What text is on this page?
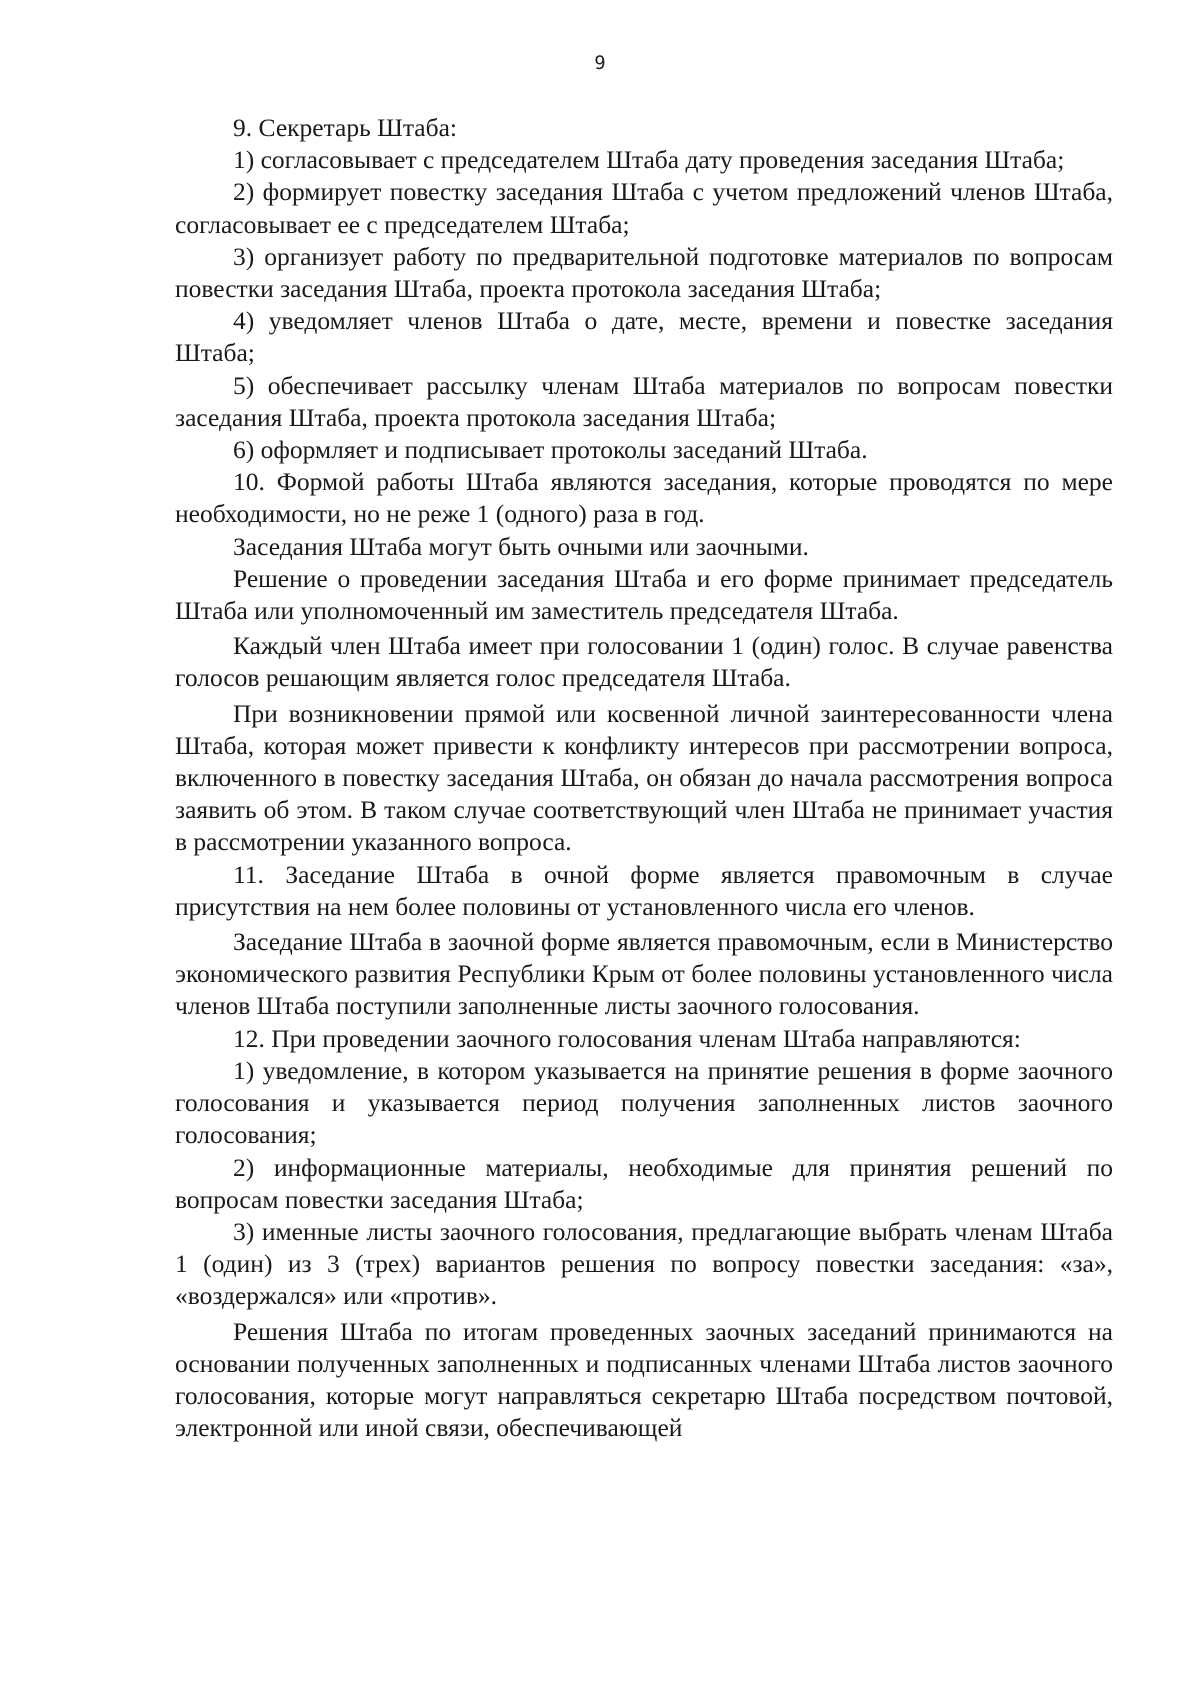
9

9. Секретарь Штаба:

1) согласовывает с председателем Штаба дату проведения заседания Штаба;

2) формирует повестку заседания Штаба с учетом предложений членов Штаба, согласовывает ее с председателем Штаба;

3) организует работу по предварительной подготовке материалов по вопросам повестки заседания Штаба, проекта протокола заседания Штаба;

4) уведомляет членов Штаба о дате, месте, времени и повестке заседания Штаба;

5) обеспечивает рассылку членам Штаба материалов по вопросам повестки заседания Штаба, проекта протокола заседания Штаба;

6) оформляет и подписывает протоколы заседаний Штаба.

10. Формой работы Штаба являются заседания, которые проводятся по мере необходимости, но не реже 1 (одного) раза в год.

Заседания Штаба могут быть очными или заочными.

Решение о проведении заседания Штаба и его форме принимает председатель Штаба или уполномоченный им заместитель председателя Штаба.

Каждый член Штаба имеет при голосовании 1 (один) голос. В случае равенства голосов решающим является голос председателя Штаба.

При возникновении прямой или косвенной личной заинтересованности члена Штаба, которая может привести к конфликту интересов при рассмотрении вопроса, включенного в повестку заседания Штаба, он обязан до начала рассмотрения вопроса заявить об этом. В таком случае соответствующий член Штаба не принимает участия в рассмотрении указанного вопроса.

11. Заседание Штаба в очной форме является правомочным в случае присутствия на нем более половины от установленного числа его членов.

Заседание Штаба в заочной форме является правомочным, если в Министерство экономического развития Республики Крым от более половины установленного числа членов Штаба поступили заполненные листы заочного голосования.

12. При проведении заочного голосования членам Штаба направляются:

1) уведомление, в котором указывается на принятие решения в форме заочного голосования и указывается период получения заполненных листов заочного голосования;

2) информационные материалы, необходимые для принятия решений по вопросам повестки заседания Штаба;

3) именные листы заочного голосования, предлагающие выбрать членам Штаба 1 (один) из 3 (трех) вариантов решения по вопросу повестки заседания: «за», «воздержался» или «против».

Решения Штаба по итогам проведенных заочных заседаний принимаются на основании полученных заполненных и подписанных членами Штаба листов заочного голосования, которые могут направляться секретарю Штаба посредством почтовой, электронной или иной связи, обеспечивающей
